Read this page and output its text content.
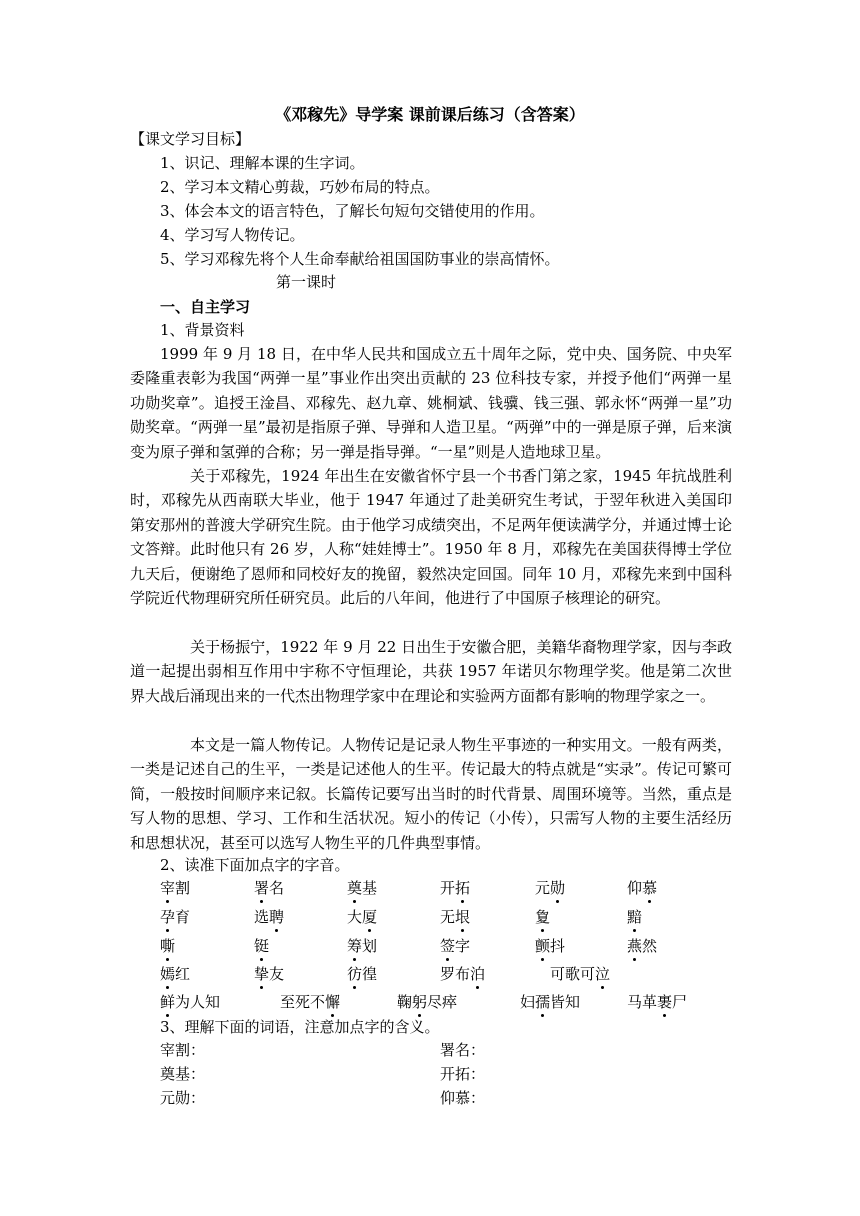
《邓稼先》导学案 课前课后练习（含答案）
【课文学习目标】
1、识记、理解本课的生字词。
2、学习本文精心剪裁，巧妙布局的特点。
3、体会本文的语言特色，了解长句短句交错使用的作用。
4、学习写人物传记。
5、学习邓稼先将个人生命奉献给祖国国防事业的崇高情怀。
第一课时
一、自主学习
1、背景资料
1999 年 9 月 18 日，在中华人民共和国成立五十周年之际，党中央、国务院、中央军委隆重表彰为我国“两弹一星”事业作出突出贡献的 23 位科技专家，并授予他们“两弹一星功勋奖章”。追授王淦昌、邓稼先、赵九章、姚桐斌、钱骥、钱三强、郭永怀“两弹一星”功勋奖章。“两弹一星”最初是指原子弹、导弹和人造卫星。“两弹”中的一弹是原子弹，后来演变为原子弹和氢弹的合称；另一弹是指导弹。“一星”则是人造地球卫星。
关于邓稼先，1924 年出生在安徽省怀宁县一个书香门第之家，1945 年抗战胜利时，邓稼先从西南联大毕业，他于 1947 年通过了赴美研究生考试，于翌年秋进入美国印第安那州的普渡大学研究生院。由于他学习成绩突出，不足两年便读满学分，并通过博士论文答辩。此时他只有 26 岁，人称“娃娃博士”。1950 年 8 月，邓稼先在美国获得博士学位九天后，便谢绝了恩师和同校好友的挽留，毅然决定回国。同年 10 月，邓稼先来到中国科学院近代物理研究所任研究员。此后的八年间，他进行了中国原子核理论的研究。
关于杨振宁，1922 年 9 月 22 日出生于安徽合肥，美籍华裔物理学家，因与李政道一起提出弱相互作用中宇称不守恒理论，共获 1957 年诺贝尔物理学奖。他是第二次世界大战后涌现出来的一代杰出物理学家中在理论和实验两方面都有影响的物理学家之一。
本文是一篇人物传记。人物传记是记录人物生平事迹的一种实用文。一般有两类，一类是记述自己的生平，一类是记述他人的生平。传记最大的特点就是“实录”。传记可繁可简，一般按时间顺序来记叙。长篇传记要写出当时的时代背景、周围环境等。当然，重点是写人物的思想、学习、工作和生活状况。短小的传记（小传），只需写人物的主要生活经历和思想状况，甚至可以选写人物生平的几件典型事情。
2、读准下面加点字的字音。
宰割	署名	奠基	开拓	元勋	仰慕
孕育	选聘	大厦	无垠	夐	黯
嘶	铤	筹划	签字	颤抖	燕然
嫣红	挚友	彷徨	罗布泊	可歌可泣
鲜为人知	至死不懈	鞠躬尽瘁	妇孺皆知	马革裹尸
3、理解下面的词语，注意加点字的含义。
宰割：	署名：
奠基：	开拓：
元勋：	仰慕：
